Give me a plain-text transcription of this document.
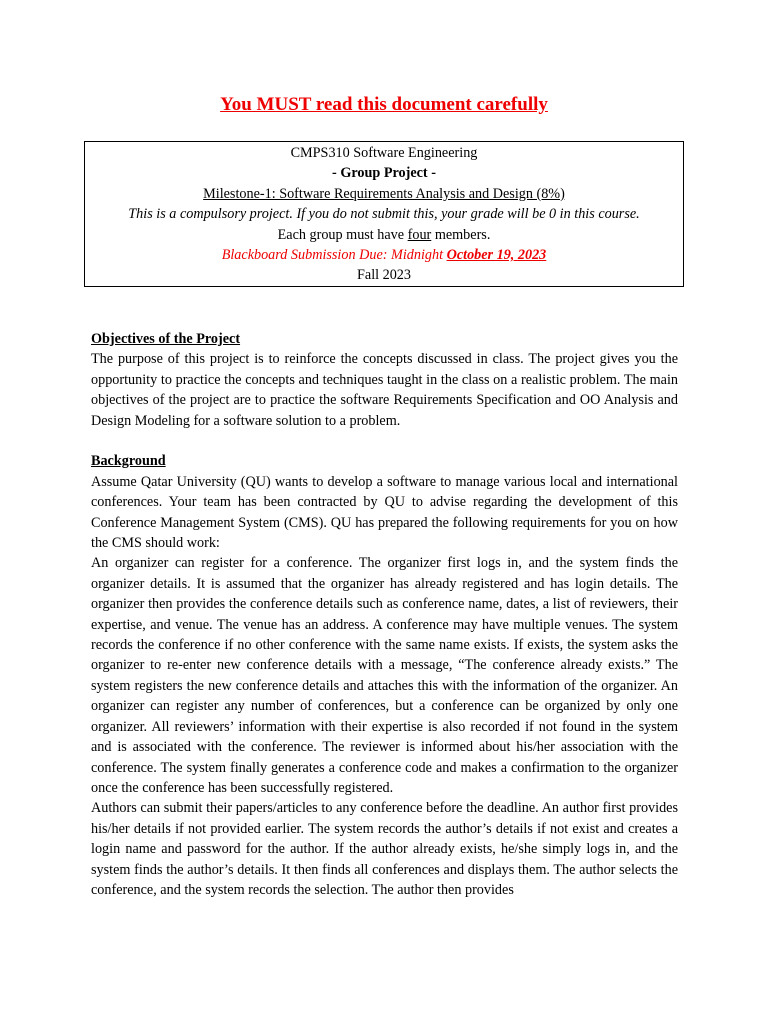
You MUST read this document carefully
CMPS310 Software Engineering
- Group Project -
Milestone-1: Software Requirements Analysis and Design (8%)
This is a compulsory project. If you do not submit this, your grade will be 0 in this course.
Each group must have four members.
Blackboard Submission Due: Midnight October 19, 2023
Fall 2023
Objectives of the Project
The purpose of this project is to reinforce the concepts discussed in class. The project gives you the opportunity to practice the concepts and techniques taught in the class on a realistic problem. The main objectives of the project are to practice the software Requirements Specification and OO Analysis and Design Modeling for a software solution to a problem.
Background
Assume Qatar University (QU) wants to develop a software to manage various local and international conferences. Your team has been contracted by QU to advise regarding the development of this Conference Management System (CMS). QU has prepared the following requirements for you on how the CMS should work:
An organizer can register for a conference. The organizer first logs in, and the system finds the organizer details. It is assumed that the organizer has already registered and has login details. The organizer then provides the conference details such as conference name, dates, a list of reviewers, their expertise, and venue. The venue has an address. A conference may have multiple venues. The system records the conference if no other conference with the same name exists. If exists, the system asks the organizer to re-enter new conference details with a message, “The conference already exists.” The system registers the new conference details and attaches this with the information of the organizer. An organizer can register any number of conferences, but a conference can be organized by only one organizer. All reviewers’ information with their expertise is also recorded if not found in the system and is associated with the conference. The reviewer is informed about his/her association with the conference. The system finally generates a conference code and makes a confirmation to the organizer once the conference has been successfully registered.
Authors can submit their papers/articles to any conference before the deadline. An author first provides his/her details if not provided earlier. The system records the author’s details if not exist and creates a login name and password for the author. If the author already exists, he/she simply logs in, and the system finds the author’s details. It then finds all conferences and displays them. The author selects the conference, and the system records the selection. The author then provides
